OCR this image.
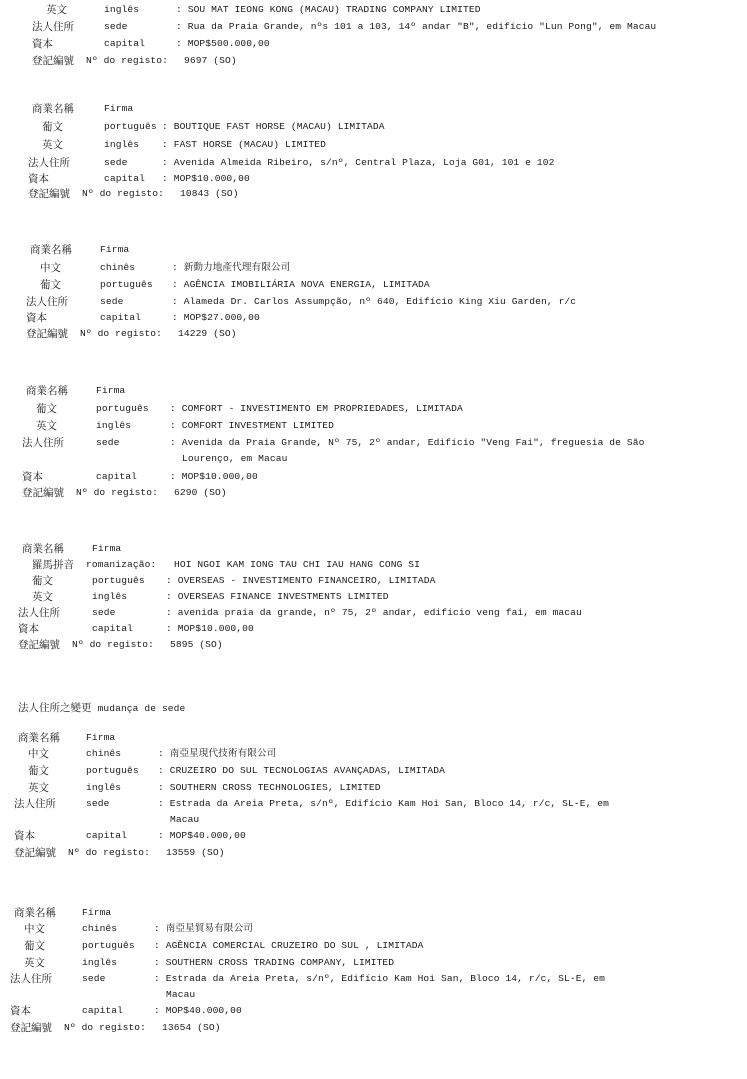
法人住所之變更 mudança de sede
英文	inglês	: SOU MAT IEONG KONG (MACAU) TRADING COMPANY LIMITED
法人住所	sede	: Rua da Praia Grande, nºs 101 a 103, 14º andar "B", edifício "Lun Pong", em Macau
資本	capital	: MOP$500.000,00
登記編號 Nº do registo: 9697 (SO)
商業名稱	Firma
葡文	português : BOUTIQUE FAST HORSE (MACAU) LIMITADA
英文	inglês : FAST HORSE (MACAU) LIMITED
法人住所	sede	: Avenida Almeida Ribeiro, s/nº, Central Plaza, Loja G01, 101 e 102
資本	capital : MOP$10.000,00
登記編號 Nº do registo: 10843 (SO)
商業名稱	Firma
中文	chinês	: 新動力地產代理有限公司
葡文	português : AGÊNCIA IMOBILIÁRIA NOVA ENERGIA, LIMITADA
法人住所	sede	: Alameda Dr. Carlos Assumpção, nº 640, Edifício King Xiu Garden, r/c
資本	capital	: MOP$27.000,00
登記編號 Nº do registo: 14229 (SO)
商業名稱	Firma
葡文	português : COMFORT - INVESTIMENTO EM PROPRIEDADES, LIMITADA
英文	inglês	: COMFORT INVESTMENT LIMITED
法人住所	sede	: Avenida da Praia Grande, Nº 75, 2º andar, Edifício "Veng Fai", freguesia de São
Lourenço, em Macau
資本	capital	: MOP$10.000,00
登記編號 Nº do registo: 6290 (SO)
商業名稱	Firma
羅馬拼音 romanização: HOI NGOI KAM IONG TAU CHI IAU HANG CONG SI
葡文	português : OVERSEAS - INVESTIMENTO FINANCEIRO, LIMITADA
英文	inglês	: OVERSEAS FINANCE INVESTMENTS LIMITED
法人住所	sede	: avenida praia da grande, nº 75, 2º andar, edifício veng fai, em macau
資本	capital	: MOP$10.000,00
登記編號 Nº do registo: 5895 (SO)
商業名稱	Firma
中文	chinês	: 南亞星現代技術有限公司
葡文	português : CRUZEIRO DO SUL TECNOLOGIAS AVANÇADAS, LIMITADA
英文	inglês	: SOUTHERN CROSS TECHNOLOGIES, LIMITED
法人住所	sede	: Estrada da Areia Preta, s/nº, Edifício Kam Hoi San, Bloco 14, r/c, SL-E, em
Macau
資本	capital	: MOP$40.000,00
登記編號 Nº do registo: 13559 (SO)
商業名稱	Firma
中文	chinês	: 南亞星貿易有限公司
葡文	português : AGÊNCIA COMERCIAL CRUZEIRO DO SUL , LIMITADA
英文	inglês	: SOUTHERN CROSS TRADING COMPANY, LIMITED
法人住所	sede	: Estrada da Areia Preta, s/nº, Edifício Kam Hoi San, Bloco 14, r/c, SL-E, em
Macau
資本	capital	: MOP$40.000,00
登記編號 Nº do registo: 13654 (SO)
